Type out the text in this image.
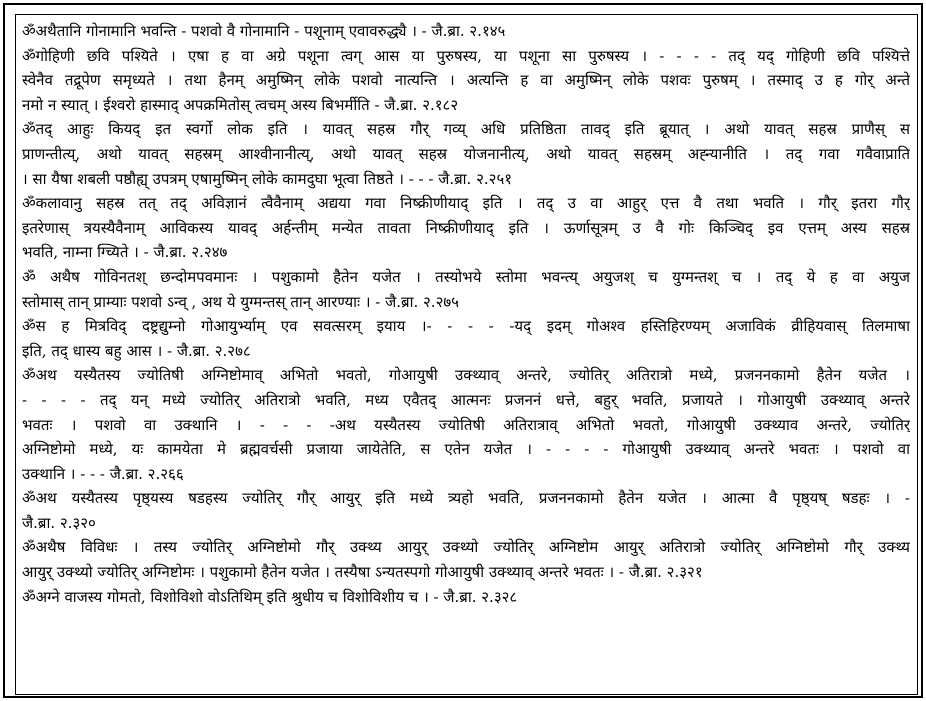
ॐअथैतानि गोनामानि भवन्ति - पशवो वै गोनामानि - पशूनाम् एवावरुद्ध्यै । - जै.ब्रा. २.१४५
ॐगोहिणी छवि पश्यिते । एषा ह वा अग्रे पशूना त्वग् आस या पुरुषस्य, या पशूना सा पुरुषस्य । - - - - तद् यद् गोहिणी छवि पश्यित्ते
स्वेनैव तद्रूपेण समृध्यते । तथा हैनम् अमुष्मिन् लोके पशवो नात्यन्ति । अत्यन्ति ह वा अमुष्मिन् लोके पशवः पुरुषम् । तस्माद् उ ह गोर् अन्ते
नमो न स्यात् । ईश्वरो हास्माद् अपक्रमितोस् त्वचम् अस्य बिभर्मीति - जै.ब्रा. २.१८२
ॐतद् आहुः कियद् इत स्वर्गो लोक इति । यावत् सहस्र गौर् गव्य् अधि प्रतिष्ठिता तावद् इति ब्रूयात् । अथो यावत् सहस्र प्राणैस् स
प्राणन्तीत्य्, अथो यावत् सहस्रम् आश्वीनानीत्य्, अथो यावत् सहस्र योजनानीत्य्, अथो यावत् सहस्रम् अह्न्यानीति । तद् गवा गवैवाप्राति
। सा यैषा शबली पष्ठौह्य् उपत्रम् एषामुष्मिन् लोके कामदुघा भूत्वा तिष्ठते । - - - जै.ब्रा. २.२५१
ॐकलावानु सहस्र तत् तद् अविज्ञानं त्वैवैनाम् अद्यया गवा निष्क्रीणीयाद् इति । तद् उ वा आहुर् एत्त वै तथा भवति । गौर् इतरा गौर्
इतरेणास् त्रयस्यैवैनाम् आविकस्य यावद् अर्हन्तीम् मन्येत तावता निष्क्रीणीयाद् इति । ऊर्णासूत्रम् उ वै गोः किञ्चिद् इव एत्तम् अस्य सहस्र
भवति, नाम्ना ग्च्यिते । - जै.ब्रा. २.२४७
ॐ अथैष गोविनतश् छन्दोमपवमानः । पशुकामो हैतेन यजेत । तस्योभये स्तोमा भवन्त्य् अयुजश् च युग्मन्तश् च । तद् ये ह वा अयुज
स्तोमास् तान् प्राम्याः पशवो ऽन्व् , अथ ये युग्मन्तस् तान् आरण्याः । - जै.ब्रा. २.२७५
ॐस ह मित्रविद् दष्ट्रद्युम्नो गोआयुर्भ्याम् एव सवत्सरम् इयाय ।- - - - -यद् इदम् गोअश्व हस्तिहिरण्यम् अजाविकं व्रीहियवास् तिलमाषा
इति, तद् धास्य बहु आस । - जै.ब्रा. २.२७८
ॐअथ यस्यैतस्य ज्योतिषी अग्निष्टोमाव् अभितो भवतो, गोआयुषी उक्थ्याव् अन्तरे, ज्योतिर् अतिरात्रो मध्ये, प्रजननकामो हैतेन यजेत ।
- - - - तद् यन् मध्ये ज्योतिर् अतिरात्रो भवति, मध्य एवैतद् आत्मनः प्रजननं धत्ते, बहुर् भवति, प्रजायते । गोआयुषी उक्थ्याव् अन्तरे
भवतः । पशवो वा उक्थानि । - - - -अथ यस्यैतस्य ज्योतिषी अतिरात्राव् अभितो भवतो, गोआयुषी उक्थ्याव अन्तरे, ज्योतिर्
अग्निष्टोमो मध्ये, यः कामयेता मे ब्रह्मवर्चसी प्रजाया जायेतेति, स एतेन यजेत । - - - - गोआयुषी उक्थ्याव् अन्तरे भवतः । पशवो वा
उक्थानि । - - - जै.ब्रा. २.२६६
ॐअथ यस्यैतस्य पृष्ठ्यस्य षडहस्य ज्योतिर् गौर् आयुर् इति मध्ये त्र्यहो भवति, प्रजननकामो हैतेन यजेत । आत्मा वै पृष्ठ्यष् षडहः । -
जै.ब्रा. २.३२०
ॐअथैष विविधः । तस्य ज्योतिर् अग्निष्टोमो गौर् उक्थ्य आयुर् उक्थ्यो ज्योतिर् अग्निष्टोम आयुर् अतिरात्रो ज्योतिर् अग्निष्टोमो गौर् उक्थ्य
आयुर् उक्थ्यो ज्योतिर् अग्निष्टोमः । पशुकामो हैतेन यजेत । तस्यैषा ऽन्यतस्पगो गोआयुषी उक्थ्याव् अन्तरे भवतः । - जै.ब्रा. २.३२१
ॐअग्ने वाजस्य गोमतो, विशोविशो वोऽतिथिम् इति श्रुधीय च विशोविशीय च । - जै.ब्रा. २.३२८
